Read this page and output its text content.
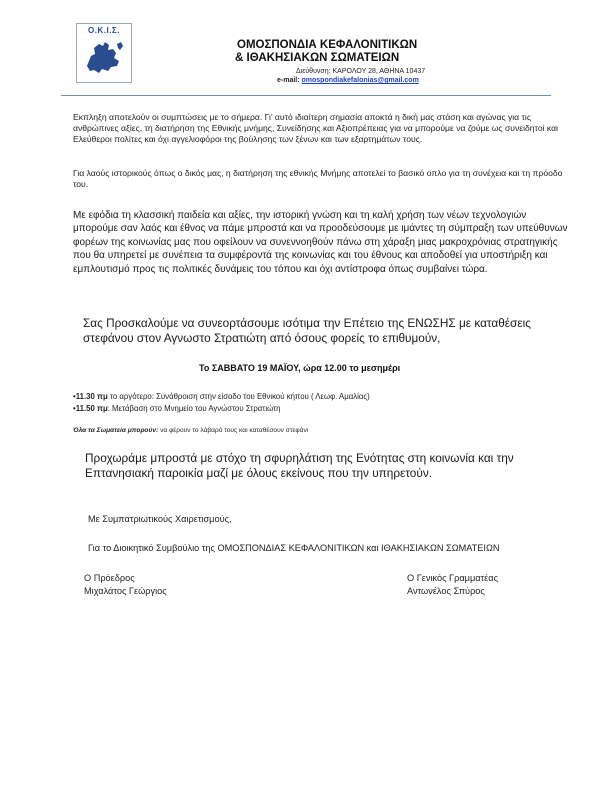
Ο.Κ.Ι.Σ.
ΟΜΟΣΠΟΝΔΙΑ ΚΕΦΑΛΟΝΙΤΙΚΩΝ
& ΙΘΑΚΗΣΙΑΚΩΝ ΣΩΜΑΤΕΙΩΝ
Διεύθυνση: ΚΑΡΟΛΟΥ 28, ΑΘΗΝΑ 10437
e-mail: omospondiakefalonias@gmail.com
Εκπληξη αποτελούν οι συμπτώσεις με το σήμερα. Γι’ αυτό ιδιαίτερη σημασία αποκτά η δική μας στάση και αγώνας για τις ανθρώπινες αξίες, τη διατήρηση της Εθνικής μνήμης, Συνείδησης και Αξιοπρέπειας για να μπορούμε να ζούμε ως συνειδητοί και Ελεύθεροι πολίτες και όχι αγγελιοφόροι της βούλησης των ξένων και των εξαρτημάτων τους.
Για λαούς ιστορικούς όπως ο δικός μας, η διατήρηση της εθνικής Μνήμης αποτελεί το βασικό οπλο για τη συνέχεια και τη πρόοδο του.
Με εφόδια τη κλασσική παιδεία και αξίες, την ιστορική γνώση και τη καλή χρήση των νέων τεχνολογιών μπορούμε σαν λαός και έθνος να πάμε μπροστά και να προοδεύσουμε με ιμάντες τη σύμπραξη των υπεύθυνων φορέων της κοινωνίας μας που οφείλουν να συνεννοηθούν πάνω στη χάραξη μιας μακροχρόνιας στρατηγικής που θα υπηρετεί με συνέπεια τα συμφέροντά της κοινωνίας και του έθνους και αποδοθεί για υποστήριξη και εμπλουτισμό προς τις πολιτικές δυνάμεις του τόπου και όχι αντίστροφα όπως συμβαίνει τώρα.
Σας Προσκαλούμε να συνεορτάσουμε ισότιμα την Επέτειο της ΕΝΩΣΗΣ με καταθέσεις στεφάνου στον Αγνωστο Στρατιώτη από όσους φορείς το επιθυμούν,
Το ΣΑΒΒΑΤΟ 19 ΜΑΪΟΥ, ώρα 12.00 το μεσημέρι
•11.30 πμ το αργότερο: Συνάθροιση στην είσοδο του Εθνικού κήπου ( Λεωφ. Αμαλίας)
•11.50 πμ: Μετάβαση στο Μνημείο του Αγνώστου Στρατιώτη
Όλα τα Σωματεία μπορούν: να φέρουν το λάβαρό τους και καταθέσουν στεφάνι
Προχωράμε μπροστά με στόχο τη σφυρηλάτιση της Ενότητας στη κοινωνία και την Επτανησιακή παροικία μαζί με όλους εκείνους που την υπηρετούν.
Με Συμπατριωτικούς Χαιρετισμούς,
Για το Διοικητικό Συμβούλιο της ΟΜΟΣΠΟΝΔΙΑΣ ΚΕΦΑΛΟΝΙΤΙΚΩΝ και ΙΘΑΚΗΣΙΑΚΩΝ ΣΩΜΑΤΕΙΩΝ
Ο Πρόεδρος
Μιχαλάτος Γεώργιος
Ο Γενικός Γραμματέας
Αντωνέλος Σπύρος
